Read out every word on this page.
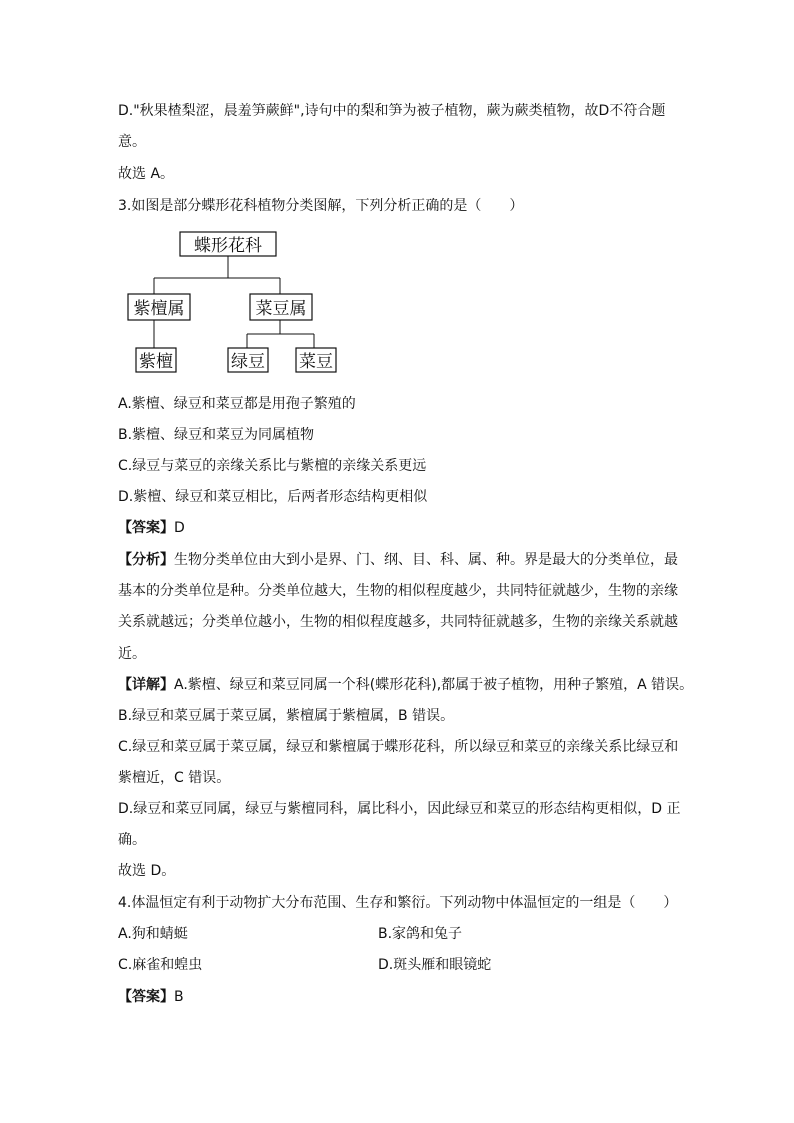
D."秋果楂梨涩，晨羞笋蕨鲜",诗句中的梨和笋为被子植物，蕨为蕨类植物，故D不符合题
意。
故选 A。
3.如图是部分蝶形花科植物分类图解，下列分析正确的是（　　）
蝶形花科
紫檀属	菜豆属
紫檀	绿豆 菜豆
A.紫檀、绿豆和菜豆都是用孢子繁殖的
B.紫檀、绿豆和菜豆为同属植物
C.绿豆与菜豆的亲缘关系比与紫檀的亲缘关系更远
D.紫檀、绿豆和菜豆相比，后两者形态结构更相似
【答案】D
【分析】生物分类单位由大到小是界、门、纲、目、科、属、种。界是最大的分类单位，最
基本的分类单位是种。分类单位越大，生物的相似程度越少，共同特征就越少，生物的亲缘
关系就越远；分类单位越小，生物的相似程度越多，共同特征就越多，生物的亲缘关系就越
近。
【详解】A.紫檀、绿豆和菜豆同属一个科(蝶形花科),都属于被子植物，用种子繁殖，A 错误。
B.绿豆和菜豆属于菜豆属，紫檀属于紫檀属，B 错误。
C.绿豆和菜豆属于菜豆属，绿豆和紫檀属于蝶形花科，所以绿豆和菜豆的亲缘关系比绿豆和
紫檀近，C 错误。
D.绿豆和菜豆同属，绿豆与紫檀同科，属比科小，因此绿豆和菜豆的形态结构更相似，D 正
确。
故选 D。
4.体温恒定有利于动物扩大分布范围、生存和繁衍。下列动物中体温恒定的一组是（　　）
A.狗和蜻蜓	B.家鸽和兔子
C.麻雀和蝗虫	D.斑头雁和眼镜蛇
【答案】B
